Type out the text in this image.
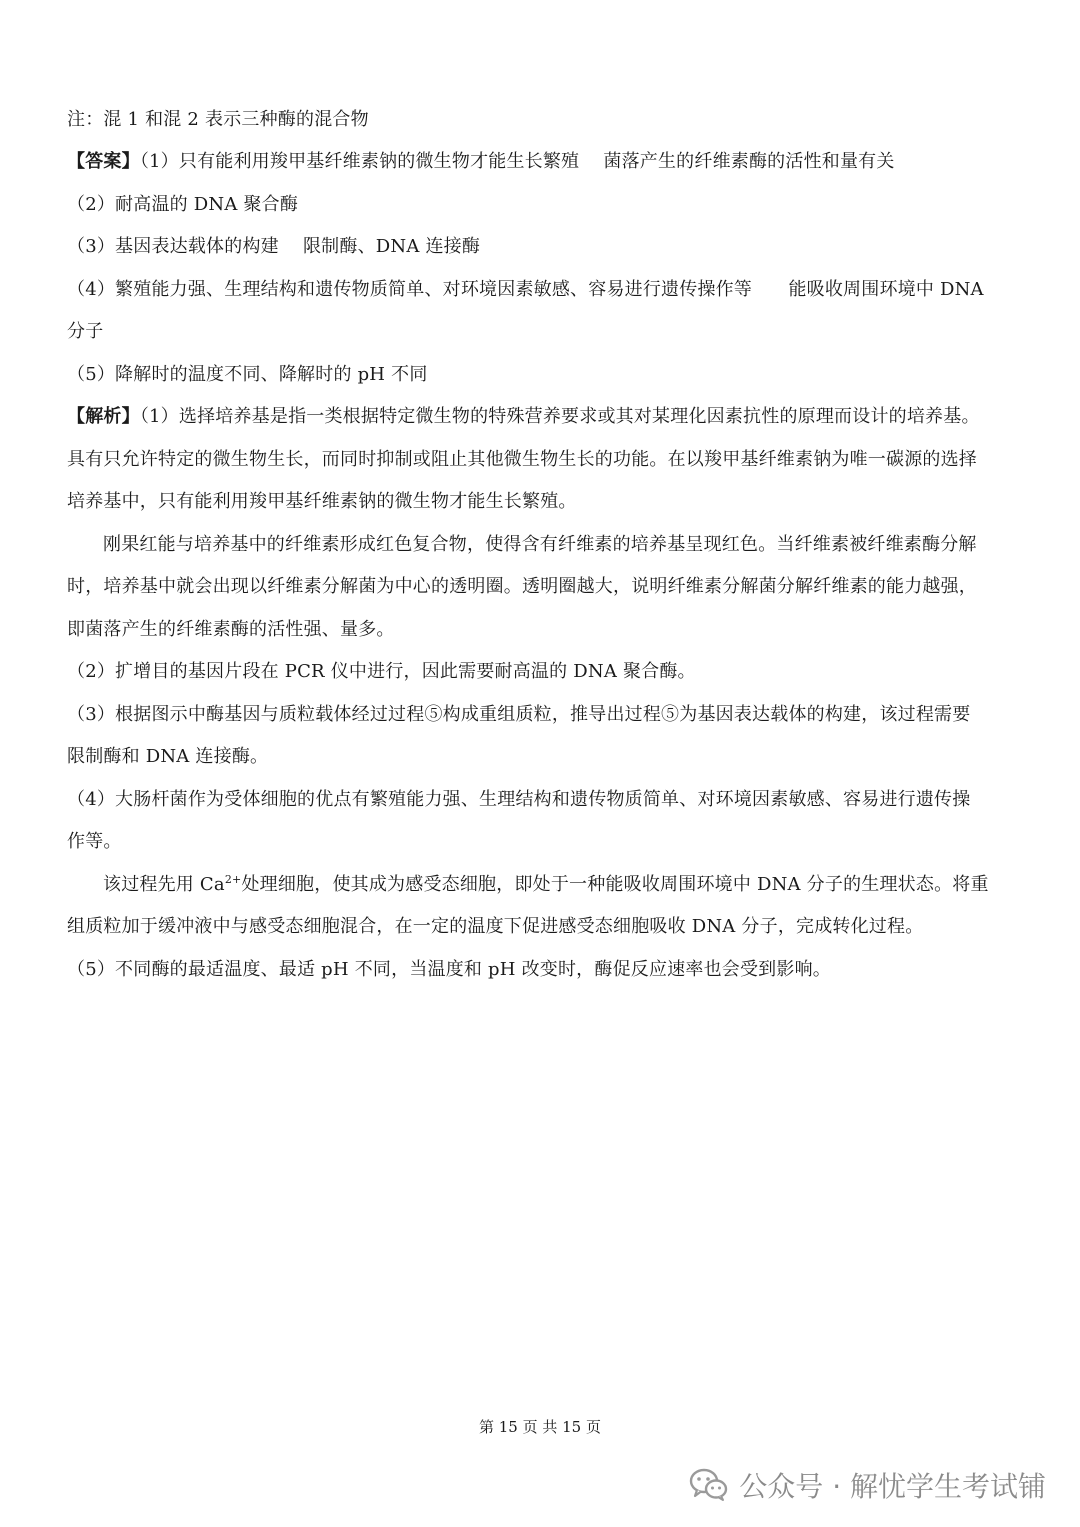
注：混 1 和混 2 表示三种酶的混合物
【答案】（1）只有能利用羧甲基纤维素钠的微生物才能生长繁殖　 菌落产生的纤维素酶的活性和量有关
（2）耐高温的 DNA 聚合酶
（3）基因表达载体的构建　 限制酶、DNA 连接酶
（4）繁殖能力强、生理结构和遗传物质简单、对环境因素敏感、容易进行遗传操作等　　能吸收周围环境中 DNA
分子
（5）降解时的温度不同、降解时的 pH 不同
【解析】（1）选择培养基是指一类根据特定微生物的特殊营养要求或其对某理化因素抗性的原理而设计的培养基。
具有只允许特定的微生物生长，而同时抑制或阻止其他微生物生长的功能。在以羧甲基纤维素钠为唯一碳源的选择
培养基中，只有能利用羧甲基纤维素钠的微生物才能生长繁殖。
刚果红能与培养基中的纤维素形成红色复合物，使得含有纤维素的培养基呈现红色。当纤维素被纤维素酶分解
时，培养基中就会出现以纤维素分解菌为中心的透明圈。透明圈越大，说明纤维素分解菌分解纤维素的能力越强，
即菌落产生的纤维素酶的活性强、量多。
（2）扩增目的基因片段在 PCR 仪中进行，因此需要耐高温的 DNA 聚合酶。
（3）根据图示中酶基因与质粒载体经过过程⑤构成重组质粒，推导出过程⑤为基因表达载体的构建，该过程需要
限制酶和 DNA 连接酶。
（4）大肠杆菌作为受体细胞的优点有繁殖能力强、生理结构和遗传物质简单、对环境因素敏感、容易进行遗传操
作等。
该过程先用 $Ca^{2+}$处理细胞，使其成为感受态细胞，即处于一种能吸收周围环境中 DNA 分子的生理状态。将重
组质粒加于缓冲液中与感受态细胞混合，在一定的温度下促进感受态细胞吸收 DNA 分子，完成转化过程。
（5）不同酶的最适温度、最适 pH 不同，当温度和 pH 改变时，酶促反应速率也会受到影响。
第 15 页 共 15 页
公众号 · 解忧学生考试铺
